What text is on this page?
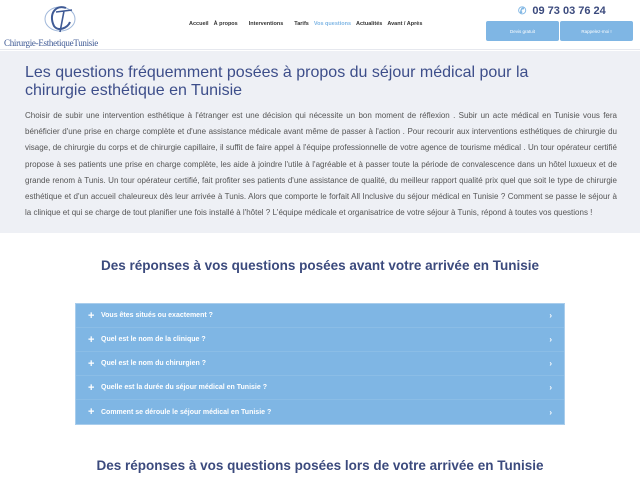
Chirurgie-EsthetiqueTunisie
Accueil À propos Interventions Tarifs Vos questions Actualités Avant / Après
✆ 09 73 03 76 24
Devis gratuit	Rappelez-moi !
Les questions fréquemment posées à propos du séjour médical pour la chirurgie esthétique en Tunisie

Choisir de subir une intervention esthétique à l'étranger est une décision qui nécessite un bon moment de réflexion . Subir un acte médical en Tunisie vous fera bénéficier d'une prise en charge complète et d'une assistance médicale avant même de passer à l'action . Pour recourir aux interventions esthétiques de chirurgie du visage, de chirurgie du corps et de chirurgie capillaire, il suffit de faire appel à l'équipe professionnelle de votre agence de tourisme médical . Un tour opérateur certifié propose à ses patients une prise en charge complète, les aide à joindre l'utile à l'agréable et à passer toute la période de convalescence dans un hôtel luxueux et de grande renom à Tunis. Un tour opérateur certifié, fait profiter ses patients d'une assistance de qualité, du meilleur rapport qualité prix quel que soit le type de chirurgie esthétique et d'un accueil chaleureux dès leur arrivée à Tunis. Alors que comporte le forfait All Inclusive du séjour médical en Tunisie ? Comment se passe le séjour à la clinique et qui se charge de tout planifier une fois installé à l'hôtel ? L'équipe médicale et organisatrice de votre séjour à Tunis, répond à toutes vos questions !

Des réponses à vos questions posées avant votre arrivée en Tunisie
+ Vous êtes situés ou exactement ?	›
+ Quel est le nom de la clinique ?	›
+ Quel est le nom du chirurgien ?	›
+ Quelle est la durée du séjour médical en Tunisie ?	›
+ Comment se déroule le séjour médical en Tunisie ?	›
Des réponses à vos questions posées lors de votre arrivée en Tunisie
